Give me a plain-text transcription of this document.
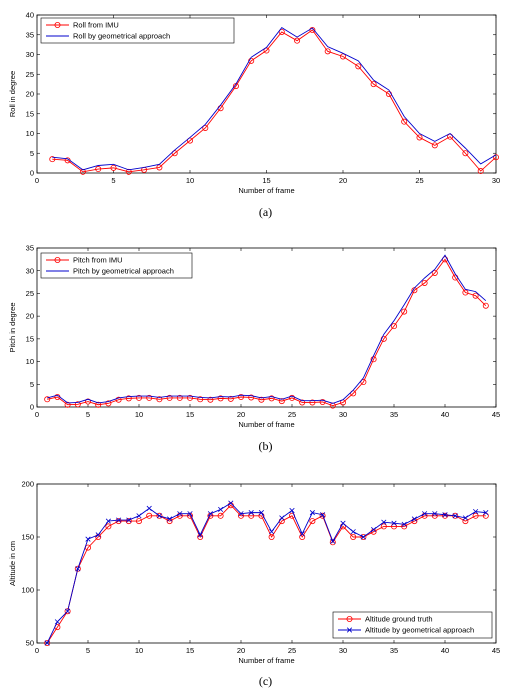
0	5	10	15	20	25	30
0
5
10
15
20
25
30
35
40
Number of frame
Roll in degree
Roll from IMU
Roll by geometrical approach
(a)
0	5	10	15	20	25	30	35	40	45
0
5
10
15
20
25
30
35
Number of frame
Pitch in degree
Pitch from IMU
Pitch by geometrical approach
(b)
0	5	10	15	20	25	30	35	40	45
50
100
150
200
Number of frame
Altitude in cm
Altitude ground truth
Altitude by geometrical approach
(c)
